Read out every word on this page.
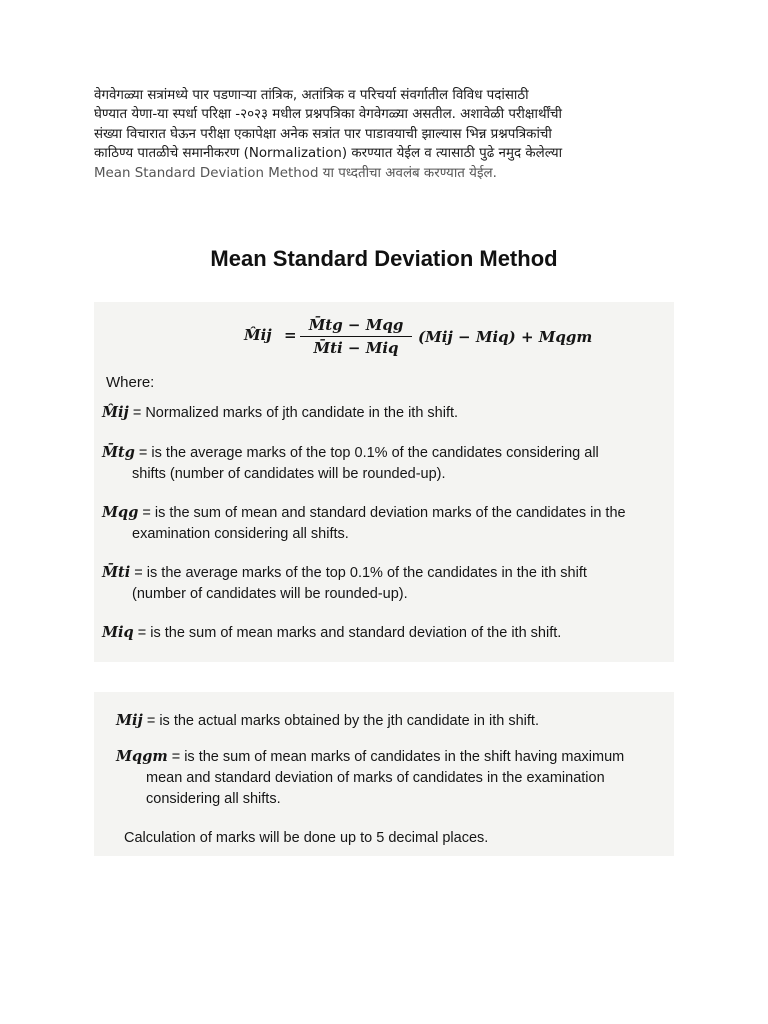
वेगवेगळ्या सत्रांमध्ये पार पडणाऱ्या तांत्रिक, अतांत्रिक व परिचर्या संवर्गातील विविध पदांसाठी
घेण्यात येणा-या स्पर्धा परिक्षा -२०२३ मधील प्रश्नपत्रिका वेगवेगळ्या असतील. अशावेळी परीक्षार्थींची
संख्या विचारात घेऊन परीक्षा एकापेक्षा अनेक सत्रांत पार पाडावयाची झाल्यास भिन्न प्रश्नपत्रिकांची
काठिण्य पातळीचे समानीकरण (Normalization) करण्यात येईल व त्यासाठी पुढे नमुद केलेल्या
Mean Standard Deviation Method या पध्दतीचा अवलंब करण्यात येईल.
Mean Standard Deviation Method
M̂ij =
M̄tg − Mqg
M̄ti − Miq
(Mij − Miq) + Mqgm
Where:
M̂ij = Normalized marks of jth candidate in the ith shift.
M̄tg = is the average marks of the top 0.1% of the candidates considering all
shifts (number of candidates will be rounded-up).
Mqg = is the sum of mean and standard deviation marks of the candidates in the
examination considering all shifts.
M̄ti = is the average marks of the top 0.1% of the candidates in the ith shift
(number of candidates will be rounded-up).
Miq = is the sum of mean marks and standard deviation of the ith shift.
Mij = is the actual marks obtained by the jth candidate in ith shift.
Mqgm = is the sum of mean marks of candidates in the shift having maximum
mean and standard deviation of marks of candidates in the examination
considering all shifts.
Calculation of marks will be done up to 5 decimal places.
